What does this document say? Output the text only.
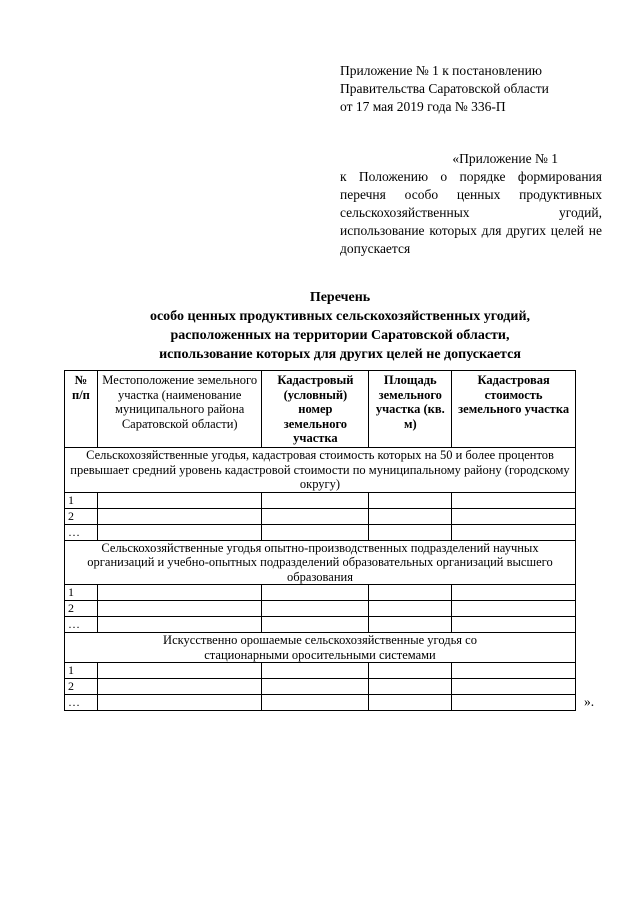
Приложение № 1 к постановлению
Правительства Саратовской области
от 17 мая 2019 года № 336-П
«Приложение № 1
к Положению о порядке формирования перечня особо ценных продуктивных сельскохозяйственных угодий, использование которых для других целей не допускается
Перечень
особо ценных продуктивных сельскохозяйственных угодий,
расположенных на территории Саратовской области,
использование которых для других целей не допускается
№ п/п	Местоположение земельного участка (наименование муниципального района Саратовской области)	Кадастровый (условный) номер земельного участка	Площадь земельного участка (кв. м)	Кадастровая стоимость земельного участка
Сельскохозяйственные угодья, кадастровая стоимость которых на 50 и более процентов превышает средний уровень кадастровой стоимости по муниципальному району (городскому округу)				
1				
2				
…				
Сельскохозяйственные угодья опытно-производственных подразделений научных организаций и учебно-опытных подразделений образовательных организаций высшего образования				
1				
2				
…				
Искусственно орошаемые сельскохозяйственные угодья со стационарными оросительными системами				
1				
2				
…					».
